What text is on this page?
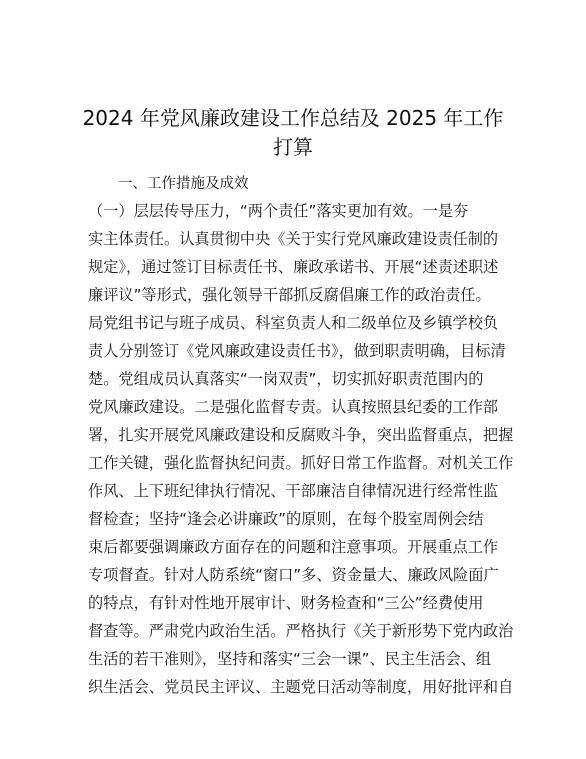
2024 年党风廉政建设工作总结及 2025 年工作
打算
一、工作措施及成效
（一）层层传导压力，“两个责任”落实更加有效。一是夯
实主体责任。认真贯彻中央《关于实行党风廉政建设责任制的
规定》，通过签订目标责任书、廉政承诺书、开展“述责述职述
廉评议”等形式，强化领导干部抓反腐倡廉工作的政治责任。
局党组书记与班子成员、科室负责人和二级单位及乡镇学校负
责人分别签订《党风廉政建设责任书》，做到职责明确，目标清
楚。党组成员认真落实“一岗双责”，切实抓好职责范围内的
党风廉政建设。二是强化监督专责。认真按照县纪委的工作部
署，扎实开展党风廉政建设和反腐败斗争，突出监督重点，把握
工作关键，强化监督执纪问责。抓好日常工作监督。对机关工作
作风、上下班纪律执行情况、干部廉洁自律情况进行经常性监
督检查；坚持“逢会必讲廉政”的原则，在每个股室周例会结
束后都要强调廉政方面存在的问题和注意事项。开展重点工作
专项督查。针对人防系统“窗口”多、资金量大、廉政风险面广
的特点，有针对性地开展审计、财务检查和“三公”经费使用
督查等。严肃党内政治生活。严格执行《关于新形势下党内政治
生活的若干准则》，坚持和落实“三会一课”、民主生活会、组
织生活会、党员民主评议、主题党日活动等制度，用好批评和自
